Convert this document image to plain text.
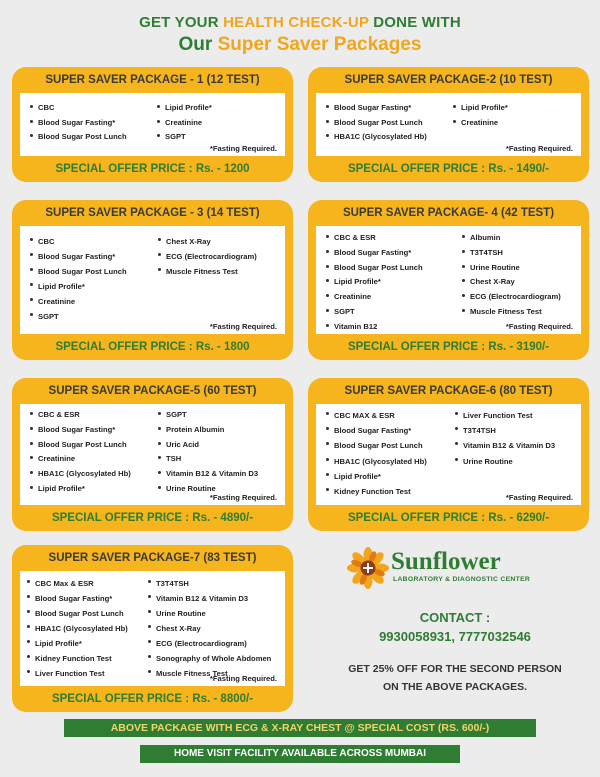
GET YOUR HEALTH CHECK-UP DONE WITH
Our Super Saver Packages
SUPER SAVER PACKAGE - 1 (12 TEST)
CBC
Blood Sugar Fasting*
Blood Sugar Post Lunch
Lipid Profile*
Creatinine
SGPT
*Fasting Required.
SPECIAL OFFER PRICE : Rs. - 1200
SUPER SAVER PACKAGE-2 (10 TEST)
Blood Sugar Fasting*
Blood Sugar Post Lunch
HBA1C (Glycosylated Hb)
Lipid Profile*
Creatinine
*Fasting Required.
SPECIAL OFFER PRICE : Rs. - 1490/-
SUPER SAVER PACKAGE - 3 (14 TEST)
CBC
Blood Sugar Fasting*
Blood Sugar Post Lunch
Lipid Profile*
Creatinine
SGPT
Chest X-Ray
ECG (Electrocardiogram)
Muscle Fitness Test
*Fasting Required.
SPECIAL OFFER PRICE : Rs. - 1800
SUPER SAVER PACKAGE- 4 (42 TEST)
CBC & ESR
Blood Sugar Fasting*
Blood Sugar Post Lunch
Lipid Profile*
Creatinine
SGPT
Vitamin B12
Albumin
T3T4TSH
Urine Routine
Chest X-Ray
ECG (Electrocardiogram)
Muscle Fitness Test
*Fasting Required.
SPECIAL OFFER PRICE : Rs. - 3190/-
SUPER SAVER PACKAGE-5 (60 TEST)
CBC & ESR
Blood Sugar Fasting*
Blood Sugar Post Lunch
Creatinine
HBA1C (Glycosylated Hb)
Lipid Profile*
SGPT
Protein Albumin
Uric Acid
TSH
Vitamin B12 & Vitamin D3
Urine Routine
*Fasting Required.
SPECIAL OFFER PRICE : Rs. - 4890/-
SUPER SAVER PACKAGE-6 (80 TEST)
CBC MAX & ESR
Blood Sugar Fasting*
Blood Sugar Post Lunch
HBA1C (Glycosylated Hb)
Lipid Profile*
Kidney Function Test
Liver Function Test
T3T4TSH
Vitamin B12 & Vitamin D3
Urine Routine
*Fasting Required.
SPECIAL OFFER PRICE : Rs. - 6290/-
SUPER SAVER PACKAGE-7 (83 TEST)
CBC Max & ESR
Blood Sugar Fasting*
Blood Sugar Post Lunch
HBA1C (Glycosylated Hb)
Lipid Profile*
Kidney Function Test
Liver Function Test
T3T4TSH
Vitamin B12 & Vitamin D3
Urine Routine
Chest X-Ray
ECG (Electrocardiogram)
Sonography of Whole Abdomen
Muscle Fitness Test
*Fasting Required.
SPECIAL OFFER PRICE : Rs. - 8800/-
Sunflower
LABORATORY & DIAGNOSTIC CENTER
CONTACT :
9930058931, 7777032546
GET 25% OFF FOR THE SECOND PERSON
ON THE ABOVE PACKAGES.
ABOVE PACKAGE WITH ECG & X-RAY CHEST @ SPECIAL COST (RS. 600/-)
HOME VISIT FACILITY AVAILABLE ACROSS MUMBAI
